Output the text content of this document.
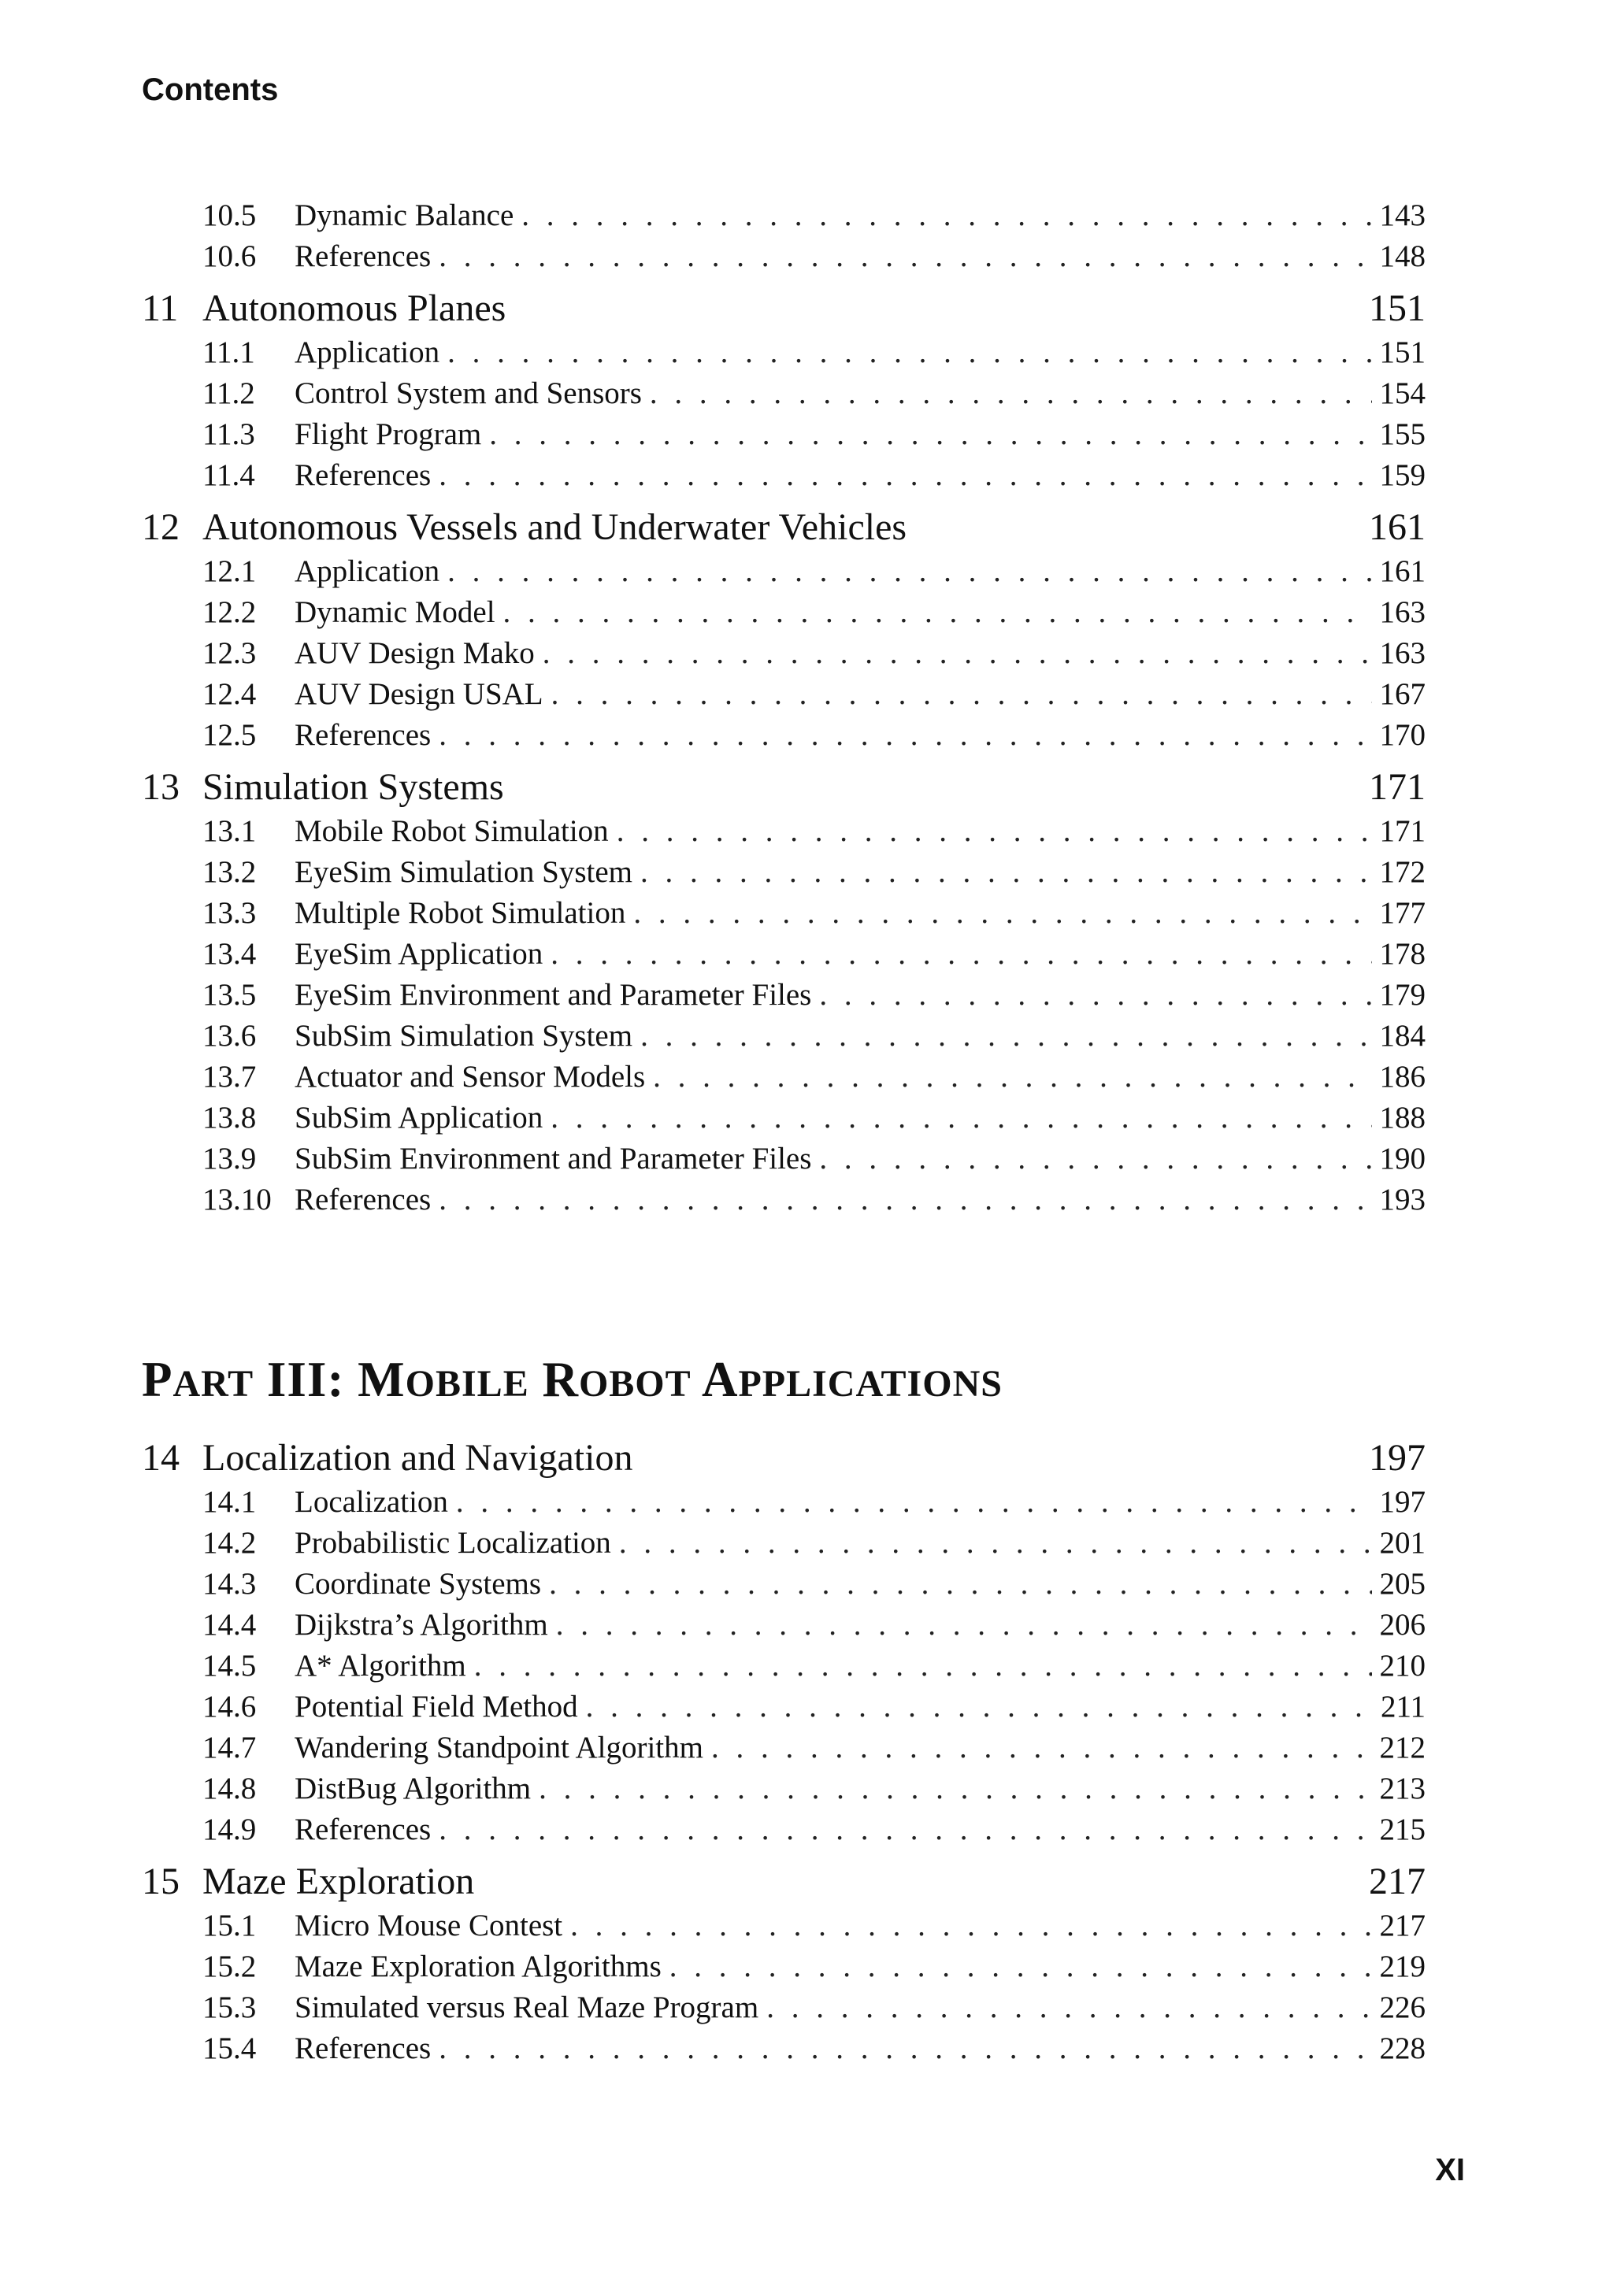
Contents
10.5	Dynamic Balance . . .	143
10.6	References . . .	148
11 Autonomous Planes	151
11.1	Application . . .	151
11.2	Control System and Sensors . . .	154
11.3	Flight Program . . .	155
11.4	References . . .	159
12 Autonomous Vessels and Underwater Vehicles	161
12.1	Application . . .	161
12.2	Dynamic Model . . .	163
12.3	AUV Design Mako . . .	163
12.4	AUV Design USAL . . .	167
12.5	References . . .	170
13 Simulation Systems	171
13.1	Mobile Robot Simulation . . .	171
13.2	EyeSim Simulation System . . .	172
13.3	Multiple Robot Simulation . . .	177
13.4	EyeSim Application . . .	178
13.5	EyeSim Environment and Parameter Files . . .	179
13.6	SubSim Simulation System . . .	184
13.7	Actuator and Sensor Models . . .	186
13.8	SubSim Application . . .	188
13.9	SubSim Environment and Parameter Files . . .	190
13.10 References . . .	193
PART III: MOBILE ROBOT APPLICATIONS
14 Localization and Navigation	197
14.1	Localization . . .	197
14.2	Probabilistic Localization . . .	201
14.3	Coordinate Systems . . .	205
14.4	Dijkstra’s Algorithm . . .	206
14.5	A* Algorithm . . .	210
14.6	Potential Field Method . . .	211
14.7	Wandering Standpoint Algorithm . . .	212
14.8	DistBug Algorithm . . .	213
14.9	References . . .	215
15 Maze Exploration	217
15.1	Micro Mouse Contest . . .	217
15.2	Maze Exploration Algorithms . . .	219
15.3	Simulated versus Real Maze Program . . .	226
15.4	References . . .	228
XI
